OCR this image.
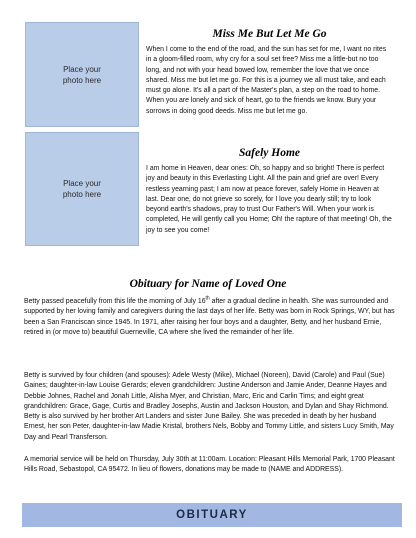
Place your
photo here
Place your
photo here
Miss Me But Let Me Go

When I come to the end of the road, and the sun has set for me, I want no rites in a gloom-filled room, why cry for a soul set free? Miss me a little-but no too long, and not with your head bowed low, remember the love that we once shared. Miss me but let me go. For this is a journey we all must take, and each must go alone. It's all a part of the Master's plan, a step on the road to home. When you are lonely and sick of heart, go to the friends we know. Bury your sorrows in doing good deeds. Miss me but let me go.

Safely Home

I am home in Heaven, dear ones: Oh, so happy and so bright! There is perfect joy and beauty in this Everlasting Light. All the pain and grief are over! Every restless yearning past; I am now at peace forever, safely Home in Heaven at last. Dear one, do not grieve so sorely, for I love you dearly still; try to look beyond earth's shadows, pray to trust Our Father's Will. When your work is completed, He will gently call you Home; Oh! the rapture of that meeting! Oh, the joy to see you come!

Obituary for Name of Loved One

Betty passed peacefully from this life the morning of July 16th after a gradual decline in health. She was surrounded and supported by her loving family and caregivers during the last days of her life. Betty was born in Rock Springs, WY, but has been a San Franciscan since 1945. In 1971, after raising her four boys and a daughter, Betty, and her husband Ernie, retired in (or move to) beautiful Guerneville, CA where she lived the remainder of her life.

Betty is survived by four children (and spouses): Adele Westy (Mike), Michael (Noreen), David (Carole) and Paul (Sue) Gaines; daughter-in-law Louise Gerards; eleven grandchildren: Justine Anderson and Jamie Ander, Deanne Hayes and Debbie Johnes, Rachel and Jonah Little, Alisha Myer, and Christian, Marc, Eric and Carlin Tims; and eight great grandchildren: Grace, Gage, Curtis and Bradley Josephs, Austin and Jackson Houston, and Dylan and Shay Richmond. Betty is also survived by her brother Art Landers and sister June Bailey. She was preceded in death by her husband Ernest, her son Peter, daughter-in-law Madie Kristal, brothers Nels, Bobby and Tommy Little, and sisters Lucy Smith, May Day and Pearl Transferson.

A memorial service will be held on Thursday, July 30th at 11:00am. Location: Pleasant Hills Memorial Park, 1700 Pleasant Hills Road, Sebastopol, CA 95472. In lieu of flowers, donations may be made to (NAME and ADDRESS).

OBITUARY
